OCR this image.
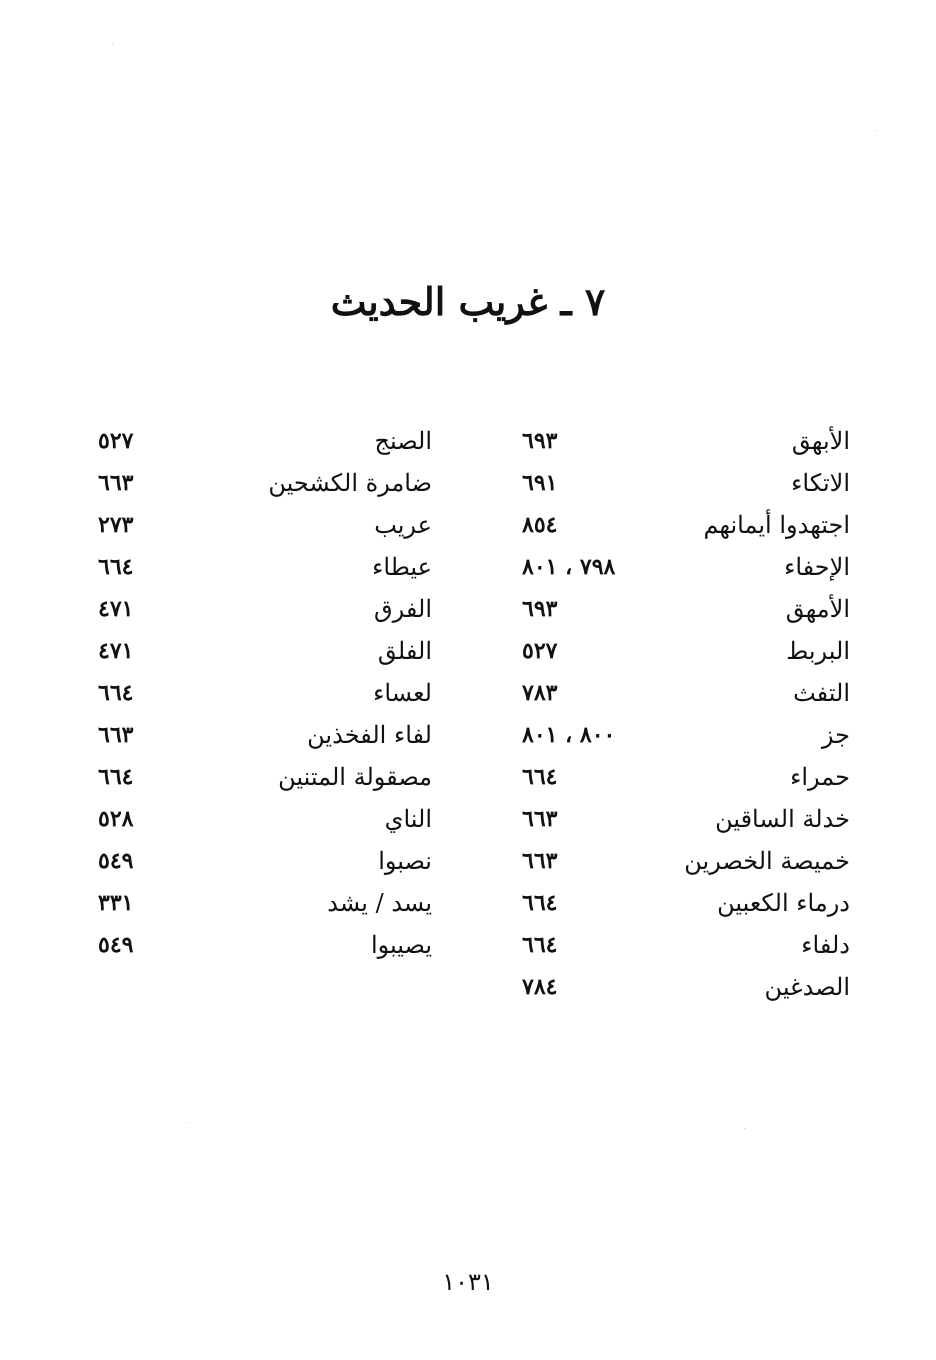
٧ ـ غريب الحديث
الأبهق
٦٩٣
الاتكاء
٦٩١
اجتهدوا أيمانهم
٨٥٤
الإحفاء
٧٩٨ ، ٨٠١
الأمهق
٦٩٣
البربط
٥٢٧
التفث
٧٨٣
جز
٨٠٠ ، ٨٠١
حمراء
٦٦٤
خدلة الساقين
٦٦٣
خميصة الخصرين
٦٦٣
درماء الكعبين
٦٦٤
دلفاء
٦٦٤
الصدغين
٧٨٤
الصنج
٥٢٧
ضامرة الكشحين
٦٦٣
عريب
٢٧٣
عيطاء
٦٦٤
الفرق
٤٧١
الفلق
٤٧١
لعساء
٦٦٤
لفاء الفخذين
٦٦٣
مصقولة المتنين
٦٦٤
الناي
٥٢٨
نصبوا
٥٤٩
يسد / يشد
٣٣١
يصيبوا
٥٤٩
١٠٣١
